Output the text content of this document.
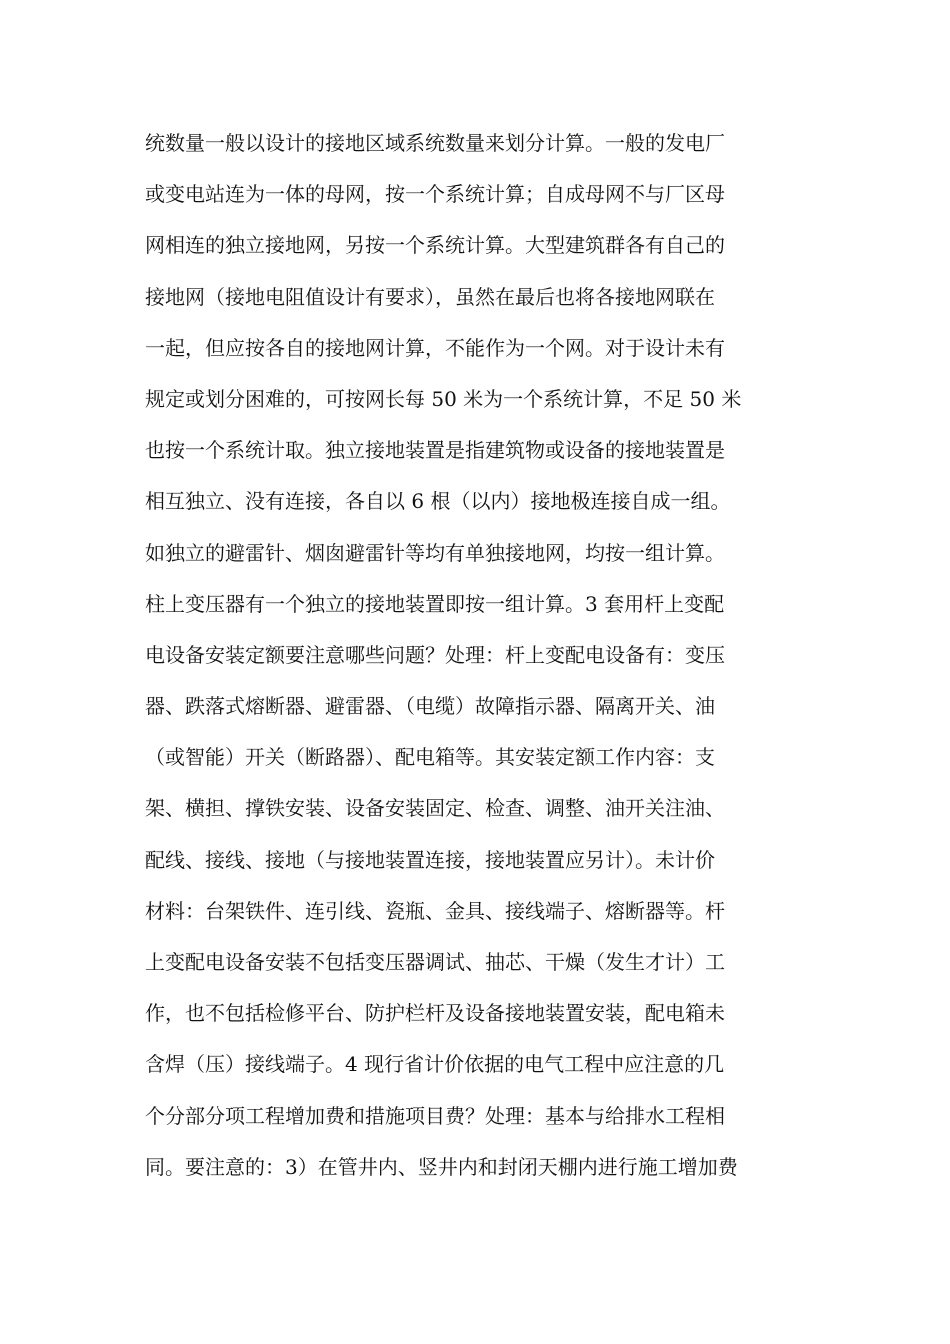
统数量一般以设计的接地区域系统数量来划分计算。一般的发电厂
或变电站连为一体的母网，按一个系统计算；自成母网不与厂区母
网相连的独立接地网，另按一个系统计算。大型建筑群各有自己的
接地网（接地电阻值设计有要求），虽然在最后也将各接地网联在
一起，但应按各自的接地网计算，不能作为一个网。对于设计未有
规定或划分困难的，可按网长每 50 米为一个系统计算，不足 50 米
也按一个系统计取。独立接地装置是指建筑物或设备的接地装置是
相互独立、没有连接，各自以 6 根（以内）接地极连接自成一组。
如独立的避雷针、烟囱避雷针等均有单独接地网，均按一组计算。
柱上变压器有一个独立的接地装置即按一组计算。3 套用杆上变配
电设备安装定额要注意哪些问题？处理：杆上变配电设备有：变压
器、跌落式熔断器、避雷器、（电缆）故障指示器、隔离开关、油
（或智能）开关（断路器）、配电箱等。其安装定额工作内容：支
架、横担、撑铁安装、设备安装固定、检查、调整、油开关注油、
配线、接线、接地（与接地装置连接，接地装置应另计）。未计价
材料：台架铁件、连引线、瓷瓶、金具、接线端子、熔断器等。杆
上变配电设备安装不包括变压器调试、抽芯、干燥（发生才计）工
作，也不包括检修平台、防护栏杆及设备接地装置安装，配电箱未
含焊（压）接线端子。4 现行省计价依据的电气工程中应注意的几
个分部分项工程增加费和措施项目费？处理：基本与给排水工程相
同。要注意的：3）在管井内、竖井内和封闭天棚内进行施工增加费
